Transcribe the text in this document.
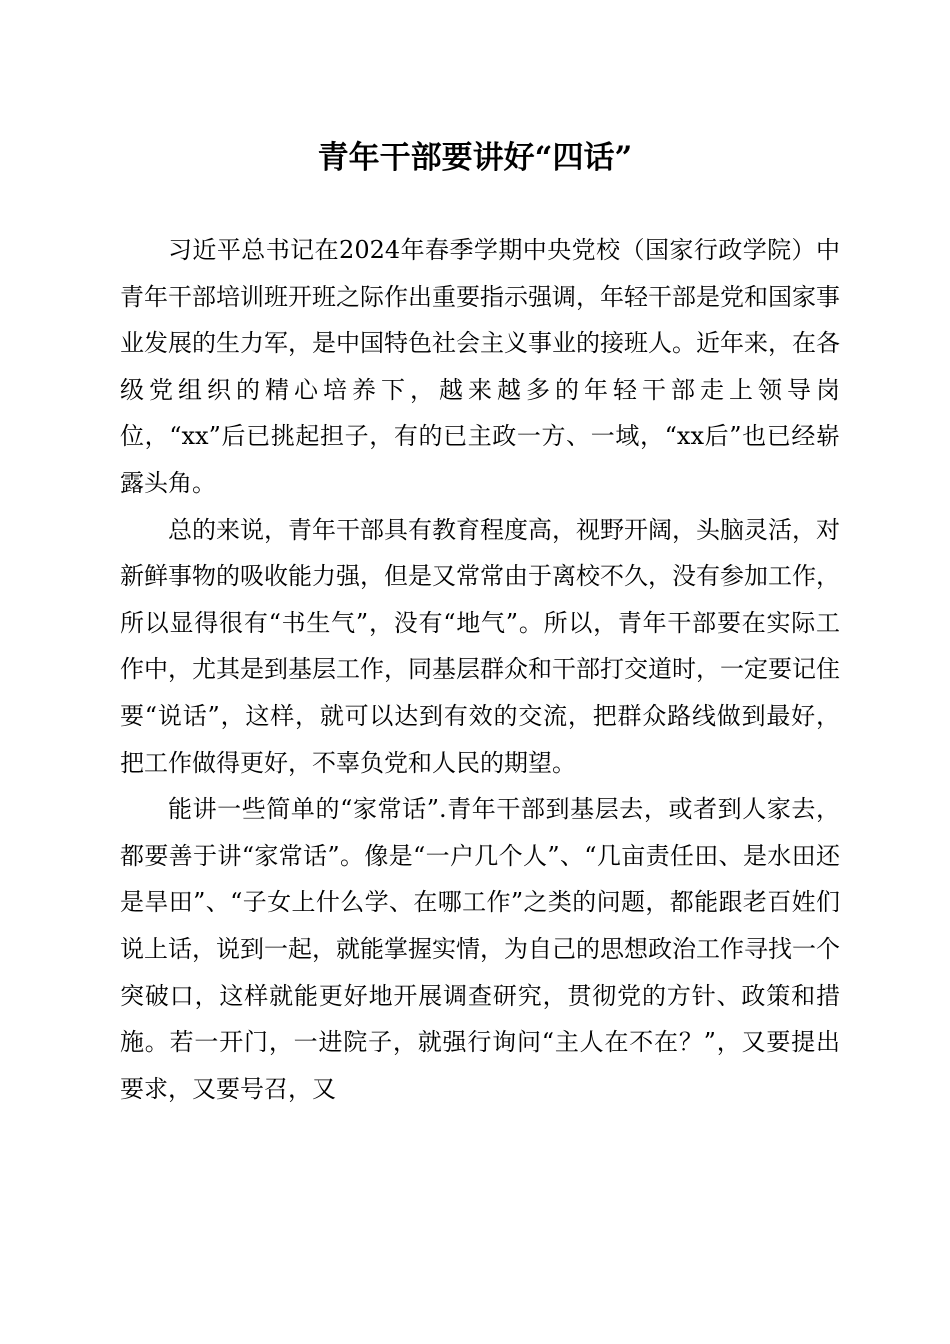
青年干部要讲好“四话”

习近平总书记在2024年春季学期中央党校（国家行政学院）中青年干部培训班开班之际作出重要指示强调，年轻干部是党和国家事业发展的生力军，是中国特色社会主义事业的接班人。近年来，在各级党组织的精心培养下，越来越多的年轻干部走上领导岗位，“xx”后已挑起担子，有的已主政一方、一域，“xx后”也已经崭露头角。

总的来说，青年干部具有教育程度高，视野开阔，头脑灵活，对新鲜事物的吸收能力强，但是又常常由于离校不久，没有参加工作，所以显得很有“书生气”，没有“地气”。所以，青年干部要在实际工作中，尤其是到基层工作，同基层群众和干部打交道时，一定要记住要“说话”，这样，就可以达到有效的交流，把群众路线做到最好，把工作做得更好，不辜负党和人民的期望。

能讲一些简单的“家常话”.青年干部到基层去，或者到人家去，都要善于讲“家常话”。像是“一户几个人”、“几亩责任田、是水田还是旱田”、“子女上什么学、在哪工作”之类的问题，都能跟老百姓们说上话，说到一起，就能掌握实情，为自己的思想政治工作寻找一个突破口，这样就能更好地开展调查研究，贯彻党的方针、政策和措施。若一开门，一进院子，就强行询问“主人在不在？”，又要提出要求，又要号召，又
